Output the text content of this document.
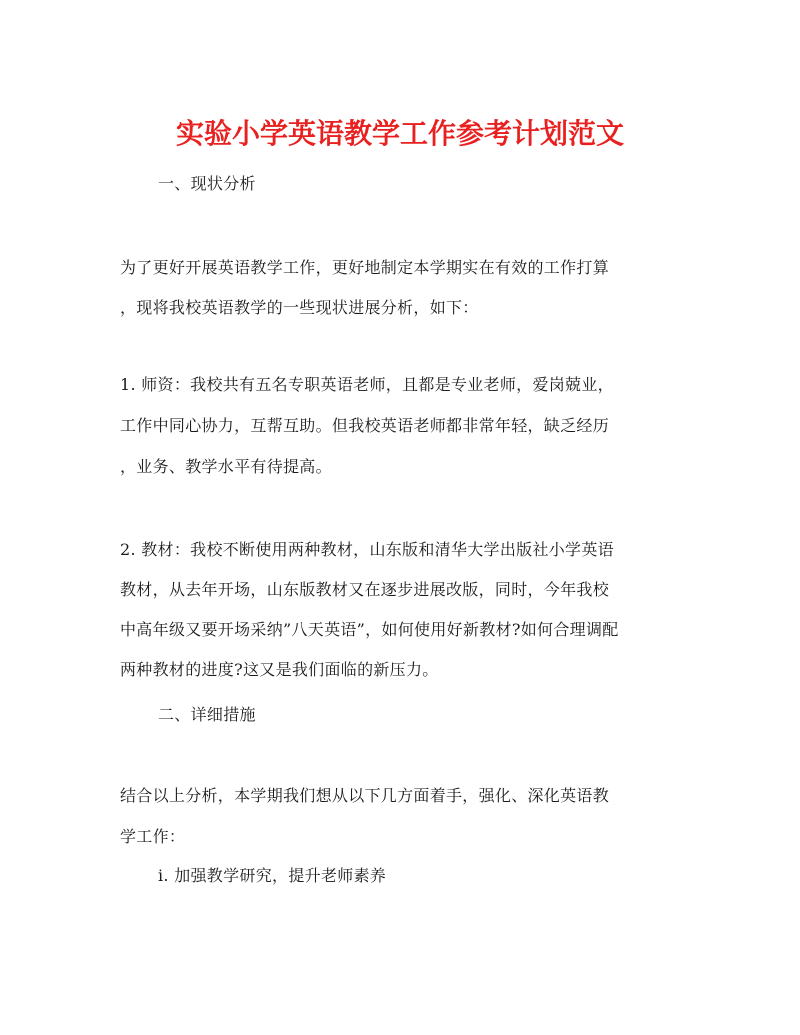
实验小学英语教学工作参考计划范文
一、现状分析
为了更好开展英语教学工作，更好地制定本学期实在有效的工作打算
，现将我校英语教学的一些现状进展分析，如下：
1. 师资：我校共有五名专职英语老师，且都是专业老师，爱岗兢业，
工作中同心协力，互帮互助。但我校英语老师都非常年轻，缺乏经历
，业务、教学水平有待提高。
2. 教材：我校不断使用两种教材，山东版和清华大学出版社小学英语
教材，从去年开场，山东版教材又在逐步进展改版，同时，今年我校
中高年级又要开场采纳”八天英语”，如何使用好新教材?如何合理调配
两种教材的进度?这又是我们面临的新压力。
二、详细措施
结合以上分析，本学期我们想从以下几方面着手，强化、深化英语教
学工作：
i. 加强教学研究，提升老师素养
